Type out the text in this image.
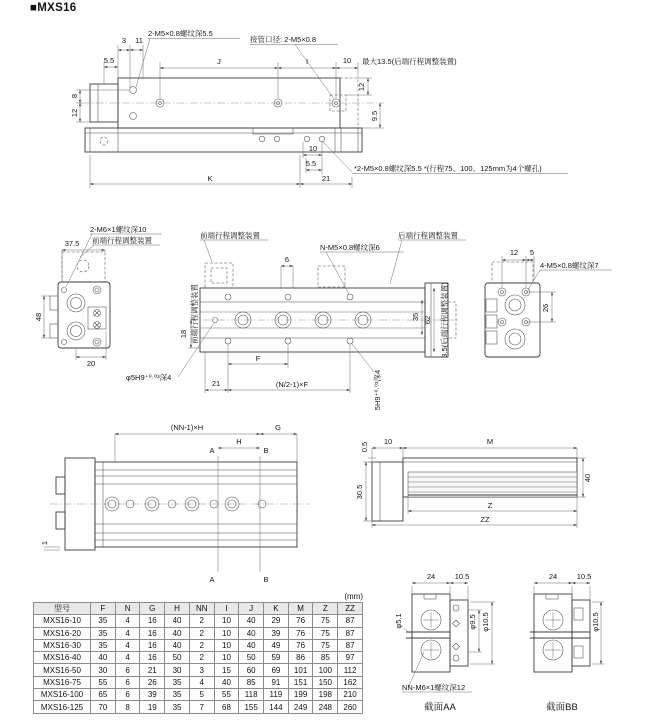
■MXS16
3 11
5.5
2-M5×0.8螺纹深5.5
接管口径: 2-M5×0.8
J	I	10 最大13.5(后端行程调整装置)
12
9.5
8
12
10
5.5
*2-M5×0.8螺纹深5.5 *(行程75、100、125mm为4个螺孔)
K	21
2-M6×1螺纹深10
37.5 前端行程调整装置
48
20
前端行程调整装置
6
N-M5×0.8螺纹深6
后端行程调整装置
18 前端行程调整装置	35 62 3.5(后端行程调整装置)
F
(N/2-1)×F
21
φ5H9⁺⁰·⁰³深4	5H9⁺⁰·⁰³深4
12 5
4-M5×0.8螺纹深7
26
(NN-1)×H	G
H
A	B
A	B
1
0.5
10	M
30.5
40
Z
ZZ
φ5.1	φ9.5 φ10.5
24	10.5
NN-M6×1螺纹深12
截面AA
24	10.5
φ10.5
截面BB
(mm)
型号	F	N	G	H	NN	I	J	K	M	Z	ZZ
MXS16-10	35	4	16	40	2	10	40	29	76	75	87
MXS16-20	35	4	16	40	2	10	40	39	76	75	87
MXS16-30	35	4	16	40	2	10	40	49	76	75	87
MXS16-40	40	4	16	50	2	10	50	59	86	85	97
MXS16-50	30	6	21	30	3	15	60	69	101	100	112
MXS16-75	55	6	26	35	4	40	85	91	151	150	162
MXS16-100	65	6	39	35	5	55	118	119	199	198	210
MXS16-125	70	8	19	35	7	68	155	144	249	248	260
